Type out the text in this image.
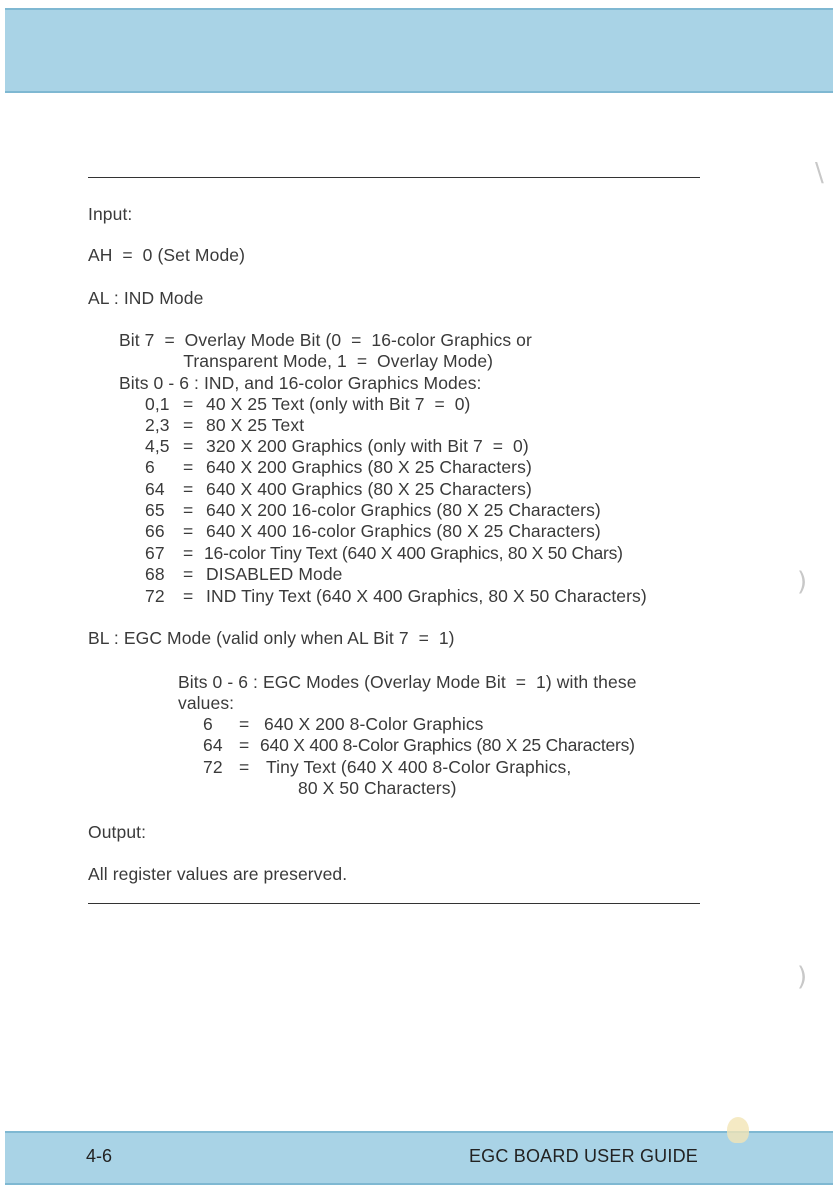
Input:
AH  =  0 (Set Mode)
AL : IND Mode
Bit 7  =  Overlay Mode Bit (0  =  16-color Graphics or
Transparent Mode, 1  =  Overlay Mode)
Bits 0 - 6 : IND, and 16-color Graphics Modes:
0,1 = 40 X 25 Text (only with Bit 7  =  0)
2,3 = 80 X 25 Text
4,5 = 320 X 200 Graphics (only with Bit 7  =  0)
6 = 640 X 200 Graphics (80 X 25 Characters)
64 = 640 X 400 Graphics (80 X 25 Characters)
65 = 640 X 200 16-color Graphics (80 X 25 Characters)
66 = 640 X 400 16-color Graphics (80 X 25 Characters)
67 = 16-color Tiny Text (640 X 400 Graphics, 80 X 50 Chars)
68 = DISABLED Mode
72 = IND Tiny Text (640 X 400 Graphics, 80 X 50 Characters)
BL : EGC Mode (valid only when AL Bit 7  =  1)
Bits 0 - 6 : EGC Modes (Overlay Mode Bit  =  1) with these
values:
6 = 640 X 200 8-Color Graphics
64 = 640 X 400 8-Color Graphics (80 X 25 Characters)
72 = Tiny Text (640 X 400 8-Color Graphics,
80 X 50 Characters)
Output:
All register values are preserved.
\
)
)
4-6	EGC BOARD USER GUIDE
